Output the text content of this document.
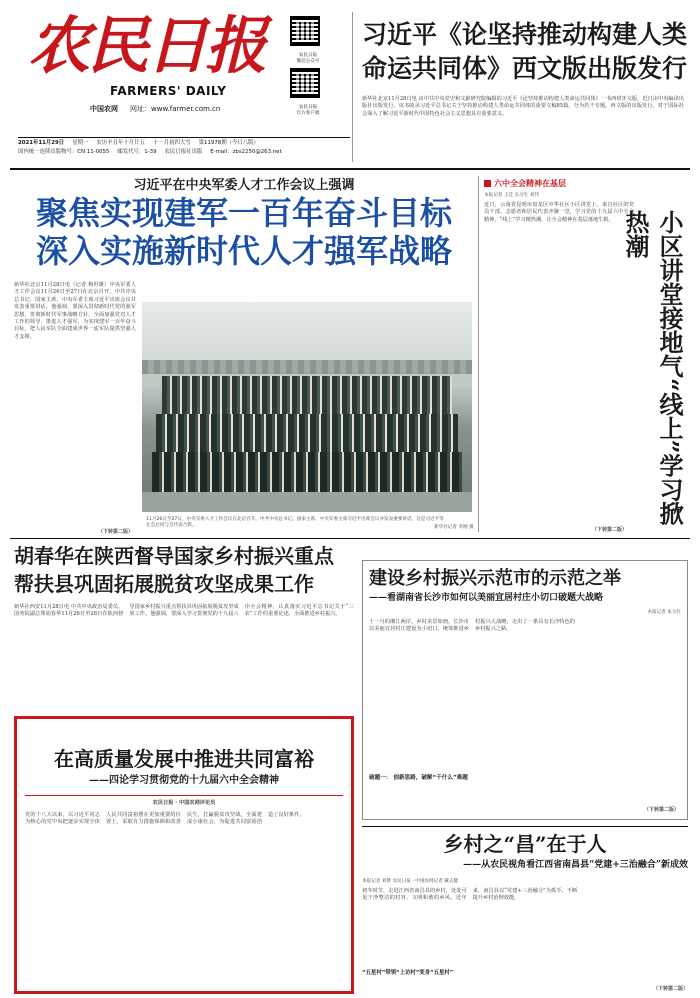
农民日报
FARMERS' DAILY
中国农网 网址：www.farmer.com.cn
农民日报
微信公众号
农民日报
官方客户端
2021年11月29日 星期一 农历辛丑年十月廿五 十一月初四大雪 第11978期（今日八版）
国内统一连续出版物号：CN 11-0055 邮发代号：1-39 农民日报社出版 E-mail：zbs2250@263.net
习近平《论坚持推动构建人类
命运共同体》西文版出版发行
新华社北京11月28日电 由中共中央党史和文献研究院编辑的习近平《论坚持推动构建人类命运共同体》一书西班牙文版，近日由中央编译出版社出版发行。该书收录习近平总书记关于坚持推动构建人类命运共同体的重要文稿85篇，分为若干专题。西文版的出版发行，对于国际社会深入了解习近平新时代中国特色社会主义思想具有重要意义。
习近平在中央军委人才工作会议上强调
聚焦实现建军一百年奋斗目标
深入实施新时代人才强军战略
新华社北京11月28日电（记者 梅世雄）中央军委人才工作会议11月26日至27日在北京召开。中共中央总书记、国家主席、中央军委主席习近平出席会议并发表重要讲话。他强调，要深入贯彻新时代党的强军思想，贯彻新时代军事战略方针，全面加强党对人才工作的领导，推进人才强军，为实现建军一百年奋斗目标、把人民军队全面建成世界一流军队提供坚强人才支撑。
（下转第二版）
11月26日至27日，中央军委人才工作会议在北京召开。中共中央总书记、国家主席、中央军委主席习近平出席会议并发表重要讲话。这是习近平等在会后同与会代表合影。	新华社记者 李刚 摄
六中全会精神在基层
本报记者 王佳 实习生 刘伟
近日，云南省昆明市盘龙区中华社区小区讲堂上，来自社区的党员干部、志愿者和居民代表齐聚一堂，学习党的十九届六中全会精神。“线上”学习掀热潮，让全会精神在基层落地生根。	小区讲堂接地气“线上”学习掀热潮
（下转第二版）
胡春华在陕西督导国家乡村振兴重点
帮扶县巩固拓展脱贫攻坚成果工作
新华社西安11月28日电 中共中央政治局委员、国务院副总理胡春华11月26日至28日在陕西督导国家乡村振兴重点帮扶县巩固拓展脱贫攻坚成果工作。他强调，要深入学习贯彻党的十九届六中全会精神，认真落实习近平总书记关于“三农”工作的重要论述，全面推进乡村振兴。
建设乡村振兴示范市的示范之举
——看湖南省长沙市如何以美丽宜居村庄小切口破题大战略
本报记者 朱玉红
十一月的湘江两岸，乡村美景如画。长沙市以美丽宜居村庄建设为小切口，统筹推进乡村振兴大战略，走出了一条具有长沙特色的乡村振兴之路。
破题一： 创新思路，破解“千什么”难题
（下转第二版）
在高质量发展中推进共同富裕
——四论学习贯彻党的十九届六中全会精神
农民日报 · 中国农网评论员
党的十八大以来，以习近平同志为核心的党中央把逐步实现全体人民共同富裕摆在更加重要的位置上，采取有力措施保障和改善民生，打赢脱贫攻坚战，全面建成小康社会，为促进共同富裕创造了良好条件。
乡村之“昌”在于人
——从农民视角看江西省南昌县“党建+三治融合”新成效
本报记者 刘赞 农民日报 · 中国农网记者 戴志健
初冬时节，走进江西省南昌县的乡村，处处可见干净整洁的村容、文明和谐的乡风。近年来，南昌县以“党建+三治融合”为抓手，不断提升乡村治理效能。
“五星村”带领“上访村”变身“五星村”
（下转第二版）
